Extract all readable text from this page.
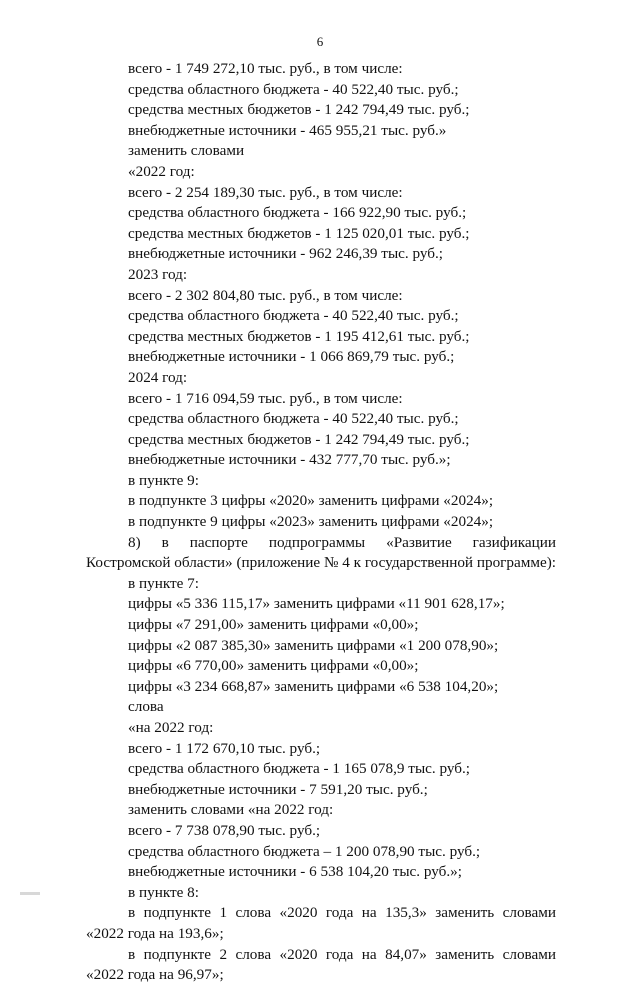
6
всего - 1 749 272,10 тыс. руб., в том числе:
средства областного бюджета - 40 522,40 тыс. руб.;
средства местных бюджетов - 1 242 794,49 тыс. руб.;
внебюджетные источники - 465 955,21 тыс. руб.»
заменить словами
«2022 год:
всего - 2 254 189,30 тыс. руб., в том числе:
средства областного бюджета - 166 922,90 тыс. руб.;
средства местных бюджетов - 1 125 020,01 тыс. руб.;
внебюджетные источники - 962 246,39 тыс. руб.;
2023 год:
всего - 2 302 804,80 тыс. руб., в том числе:
средства областного бюджета - 40 522,40 тыс. руб.;
средства местных бюджетов - 1 195 412,61 тыс. руб.;
внебюджетные источники - 1 066 869,79 тыс. руб.;
2024 год:
всего - 1 716 094,59 тыс. руб., в том числе:
средства областного бюджета - 40 522,40 тыс. руб.;
средства местных бюджетов - 1 242 794,49 тыс. руб.;
внебюджетные источники - 432 777,70 тыс. руб.»;
в пункте 9:
в подпункте 3 цифры «2020» заменить цифрами «2024»;
в подпункте 9 цифры «2023» заменить цифрами «2024»;
8) в паспорте подпрограммы «Развитие газификации Костромской области» (приложение № 4 к государственной программе):
в пункте 7:
цифры «5 336 115,17» заменить цифрами «11 901 628,17»;
цифры «7 291,00» заменить цифрами «0,00»;
цифры «2 087 385,30» заменить цифрами «1 200 078,90»;
цифры «6 770,00» заменить цифрами «0,00»;
цифры «3 234 668,87» заменить цифрами «6 538 104,20»;
слова
«на 2022 год:
всего - 1 172 670,10 тыс. руб.;
средства областного бюджета - 1 165 078,9 тыс. руб.;
внебюджетные источники - 7 591,20 тыс. руб.;
заменить словами «на 2022 год:
всего - 7 738 078,90 тыс. руб.;
средства областного бюджета – 1 200 078,90 тыс. руб.;
внебюджетные источники - 6 538 104,20 тыс. руб.»;
в пункте 8:
в подпункте 1 слова «2020 года на 135,3» заменить словами «2022 года на 193,6»;
в подпункте 2 слова «2020 года на 84,07» заменить словами «2022 года на 96,97»;
